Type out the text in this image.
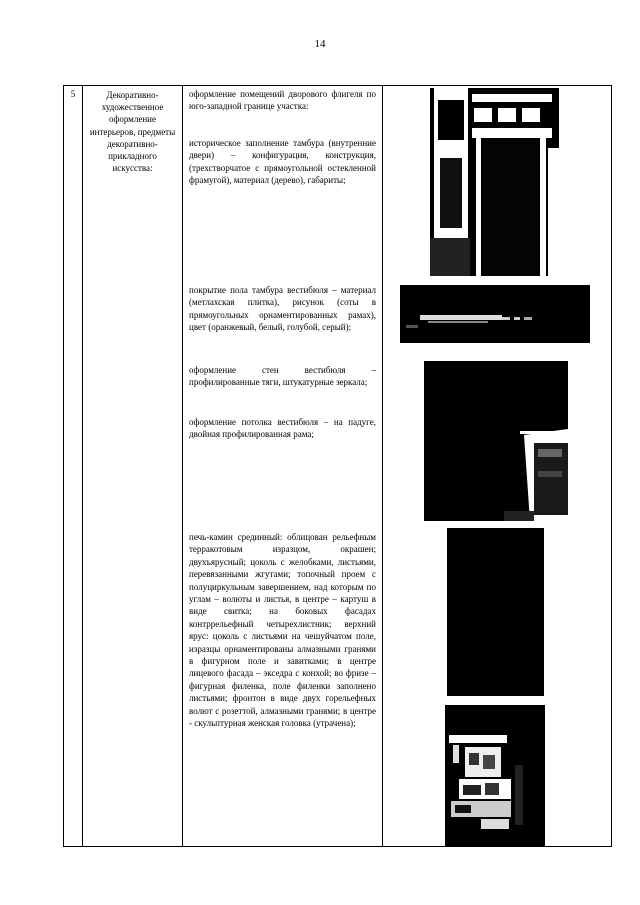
14
5	Декоративно-художественное оформление интерьеров, предметы декоративно-прикладного искусства:	
оформление помещений дворового флигеля по юго-западной границе участка:
историческое заполнение тамбура (внутренние двери) – конфигурация, конструкция, (трехстворчатое с прямоугольной остекленной фрамугой), материал (дерево), габариты;
покрытие пола тамбура вестибюля – материал (метлахская плитка), рисунок (соты в прямоугольных орнаментированных рамах), цвет (оранжевый, белый, голубой, серый);
оформление стен вестибюля – профилированные тяги, штукатурные зеркала;
оформление потолка вестибюля – на падуге, двойная профилированная рама;
печь-камин срединный: облицован рельефным терракотовым изразцом, окрашен; двухъярусный; цоколь с желобками, листьями, перевязанными жгутами; топочный проем с полуциркульным завершением, над которым по углам – волюты и листья, в центре – картуш в виде свитка; на боковых фасадах контррельефный четырехлистник; верхний ярус: цоколь с листьями на чешуйчатом поле, изразцы орнаментированы алмазными гранями в фигурном поле и завитками; в центре лицевого фасада – экседра с конхой; во фризе – фигурная филенка, поле филенки заполнено листьями; фронтон в виде двух горельефных волют с розеттой, алмазными гранями; в центре - скульптурная женская головка (утрачена);
